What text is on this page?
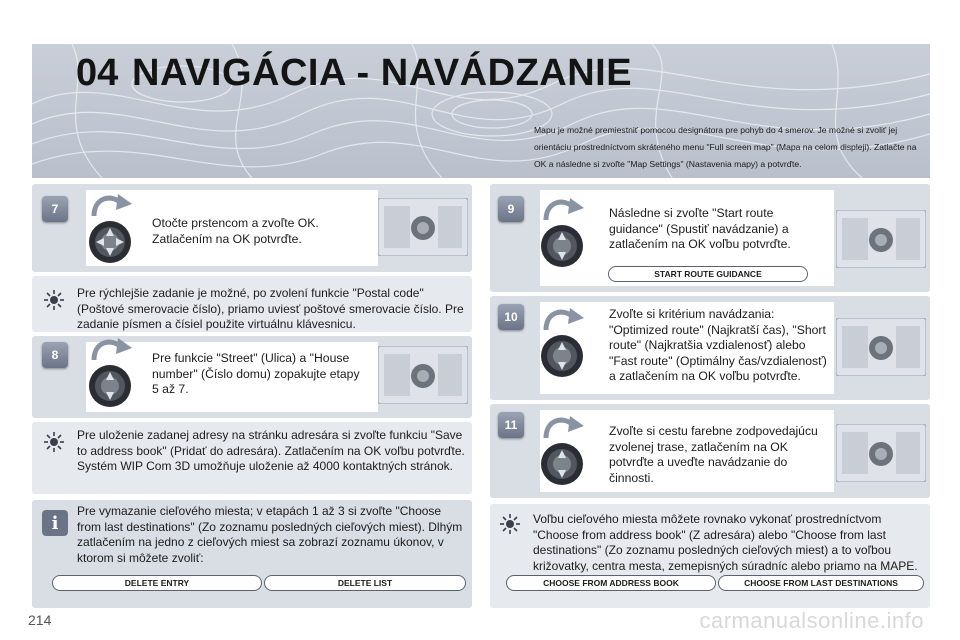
04 NAVIGÁCIA - NAVÁDZANIE
Mapu je možné premiestniť pomocou designátora pre pohyb do 4 smerov. Je možné si zvoliť jej orientáciu prostredníctvom skráteného menu "Full screen map" (Mapa na celom displeji). Zatlačte na OK a následne si zvoľte "Map Settings" (Nastavenia mapy) a potvrďte.
7
Otočte prstencom a zvoľte OK. Zatlačením na OK potvrďte.
Pre rýchlejšie zadanie je možné, po zvolení funkcie "Postal code" (Poštové smerovacie číslo), priamo uviesť poštové smerovacie číslo. Pre zadanie písmen a čísiel použite virtuálnu klávesnicu.
8	Pre funkcie "Street" (Ulica) a "House number" (Číslo domu) zopakujte etapy 5 až 7.
Pre uloženie zadanej adresy na stránku adresára si zvoľte funkciu "Save to address book" (Pridať do adresára). Zatlačením na OK voľbu potvrďte. Systém WIP Com 3D umožňuje uloženie až 4000 kontaktných stránok.
i
Pre vymazanie cieľového miesta; v etapách 1 až 3 si zvoľte "Choose from last destinations" (Zo zoznamu posledných cieľových miest). Dlhým zatlačením na jedno z cieľových miest sa zobrazí zoznamu úkonov, v ktorom si môžete zvoliť:
DELETE ENTRY	DELETE LIST
9	Následne si zvoľte "Start route guidance" (Spustiť navádzanie) a zatlačením na OK voľbu potvrďte.
START ROUTE GUIDANCE
10	Zvoľte si kritérium navádzania: "Optimized route" (Najkratší čas), "Short route" (Najkratšia vzdialenosť) alebo "Fast route" (Optimálny čas/vzdialenosť) a zatlačením na OK voľbu potvrďte.
11	Zvoľte si cestu farebne zodpovedajúcu zvolenej trase, zatlačením na OK potvrďte a uveďte navádzanie do činnosti.
Voľbu cieľového miesta môžete rovnako vykonať prostredníctvom "Choose from address book" (Z adresára) alebo "Choose from last destinations" (Zo zoznamu posledných cieľových miest) a to voľbou križovatky, centra mesta, zemepisných súradníc alebo priamo na MAPE.
CHOOSE FROM ADDRESS BOOK	CHOOSE FROM LAST DESTINATIONS
214	carmanualsonline.info
